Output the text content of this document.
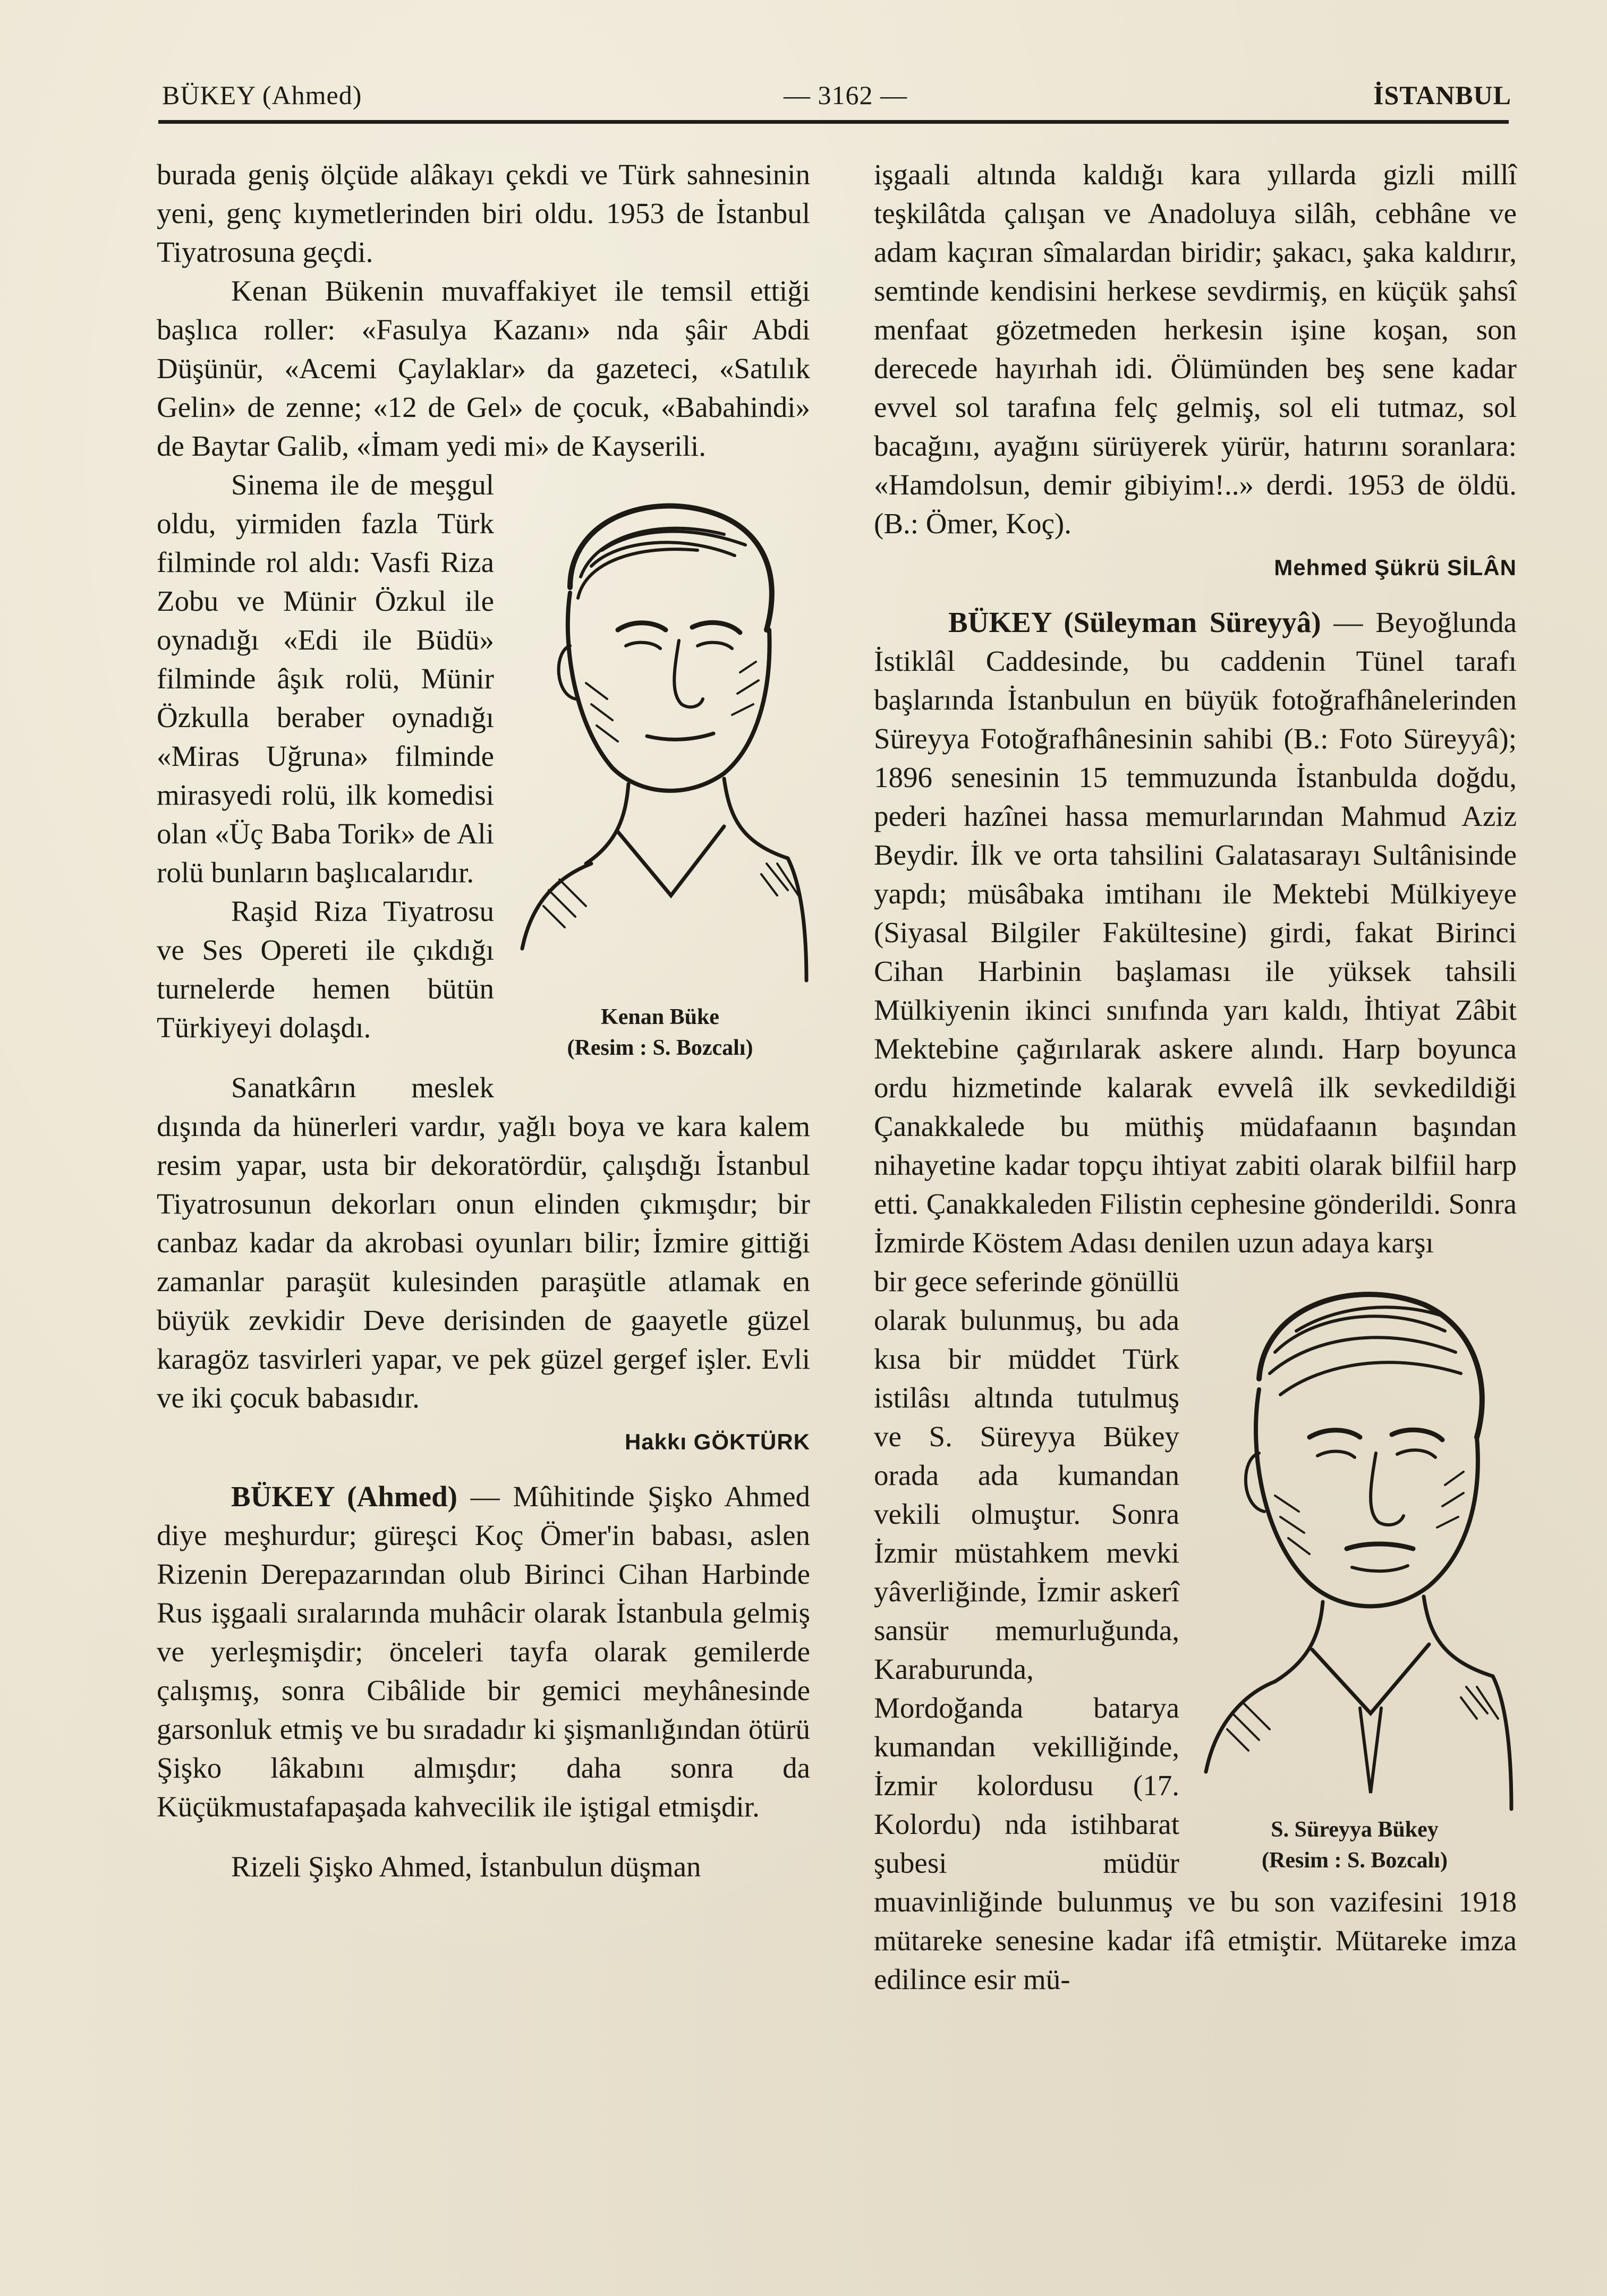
BÜKEY (Ahmed)	— 3162 —	İSTANBUL

burada geniş ölçüde alâkayı çekdi ve Türk sahnesinin yeni, genç kıymetlerinden biri oldu. 1953 de İstanbul Tiyatrosuna geçdi.

Kenan Bükenin muvaffakiyet ile temsil ettiği başlıca roller: «Fasulya Kazanı» nda şâir Abdi Düşünür, «Acemi Çaylaklar» da gazeteci, «Satılık Gelin» de zenne; «12 de Gel» de çocuk, «Babahindi» de Baytar Galib, «İmam yedi mi» de Kayserili.

Kenan Büke
(Resim : S. Bozcalı)

Sinema ile de meşgul oldu, yirmiden fazla Türk filminde rol aldı: Vasfi Riza Zobu ve Münir Özkul ile oynadığı «Edi ile Büdü» filminde âşık rolü, Münir Özkulla beraber oynadığı «Miras Uğruna» filminde mirasyedi rolü, ilk komedisi olan «Üç Baba Torik» de Ali rolü bunların başlıcalarıdır.

Raşid Riza Tiyatrosu ve Ses Opereti ile çıkdığı turnelerde hemen bütün Türkiyeyi dolaşdı.

Sanatkârın meslek dışında da hünerleri vardır, yağlı boya ve kara kalem resim yapar, usta bir dekoratördür, çalışdığı İstanbul Tiyatrosunun dekorları onun elinden çıkmışdır; bir canbaz kadar da akrobasi oyunları bilir; İzmire gittiği zamanlar paraşüt kulesinden paraşütle atlamak en büyük zevkidir Deve derisinden de gaayetle güzel karagöz tasvirleri yapar, ve pek güzel gergef işler. Evli ve iki çocuk babasıdır.

Hakkı GÖKTÜRK

BÜKEY (Ahmed) — Mûhitinde Şişko Ahmed diye meşhurdur; güreşci Koç Ömer'in babası, aslen Rizenin Derepazarından olub Birinci Cihan Harbinde Rus işgaali sıralarında muhâcir olarak İstanbula gelmiş ve yerleşmişdir; önceleri tayfa olarak gemilerde çalışmış, sonra Cibâlide bir gemici meyhânesinde garsonluk etmiş ve bu sıradadır ki şişmanlığından ötürü Şişko lâkabını almışdır; daha sonra da Küçükmustafapaşada kahvecilik ile iştigal etmişdir.

Rizeli Şişko Ahmed, İstanbulun düşman

işgaali altında kaldığı kara yıllarda gizli millî teşkilâtda çalışan ve Anadoluya silâh, cebhâne ve adam kaçıran sîmalardan biridir; şakacı, şaka kaldırır, semtinde kendisini herkese sevdirmiş, en küçük şahsî menfaat gözetmeden herkesin işine koşan, son derecede hayırhah idi. Ölümünden beş sene kadar evvel sol tarafına felç gelmiş, sol eli tutmaz, sol bacağını, ayağını sürüyerek yürür, hatırını soranlara: «Hamdolsun, demir gibiyim!..» derdi. 1953 de öldü. (B.: Ömer, Koç).

Mehmed Şükrü SİLÂN

BÜKEY (Süleyman Süreyyâ) — Beyoğlunda İstiklâl Caddesinde, bu caddenin Tünel tarafı başlarında İstanbulun en büyük fotoğrafhânelerinden Süreyya Fotoğrafhânesinin sahibi (B.: Foto Süreyyâ); 1896 senesinin 15 temmuzunda İstanbulda doğdu, pederi hazînei hassa memurlarından Mahmud Aziz Beydir. İlk ve orta tahsilini Galatasarayı Sultânisinde yapdı; müsâbaka imtihanı ile Mektebi Mülkiyeye (Siyasal Bilgiler Fakültesine) girdi, fakat Birinci Cihan Harbinin başlaması ile yüksek tahsili Mülkiyenin ikinci sınıfında yarı kaldı, İhtiyat Zâbit Mektebine çağırılarak askere alındı. Harp boyunca ordu hizmetinde kalarak evvelâ ilk sevkedildiği Çanakkalede bu müthiş müdafaanın başından nihayetine kadar topçu ihtiyat zabiti olarak bilfiil harp etti. Çanakkaleden Filistin cephesine gönderildi. Sonra İzmirde Köstem Adası denilen uzun adaya karşı

S. Süreyya Bükey
(Resim : S. Bozcalı)

bir gece seferinde gönüllü olarak bulunmuş, bu ada kısa bir müddet Türk istilâsı altında tutulmuş ve S. Süreyya Bükey orada ada kumandan vekili olmuştur. Sonra İzmir müstahkem mevki yâverliğinde, İzmir askerî sansür memurluğunda, Karaburunda, Mordoğanda batarya kumandan vekilliğinde, İzmir kolordusu (17. Kolordu) nda istihbarat şubesi müdür muavinliğinde bulunmuş ve bu son vazifesini 1918 mütareke senesine kadar ifâ etmiştir. Mütareke imza edilince esir mü-
